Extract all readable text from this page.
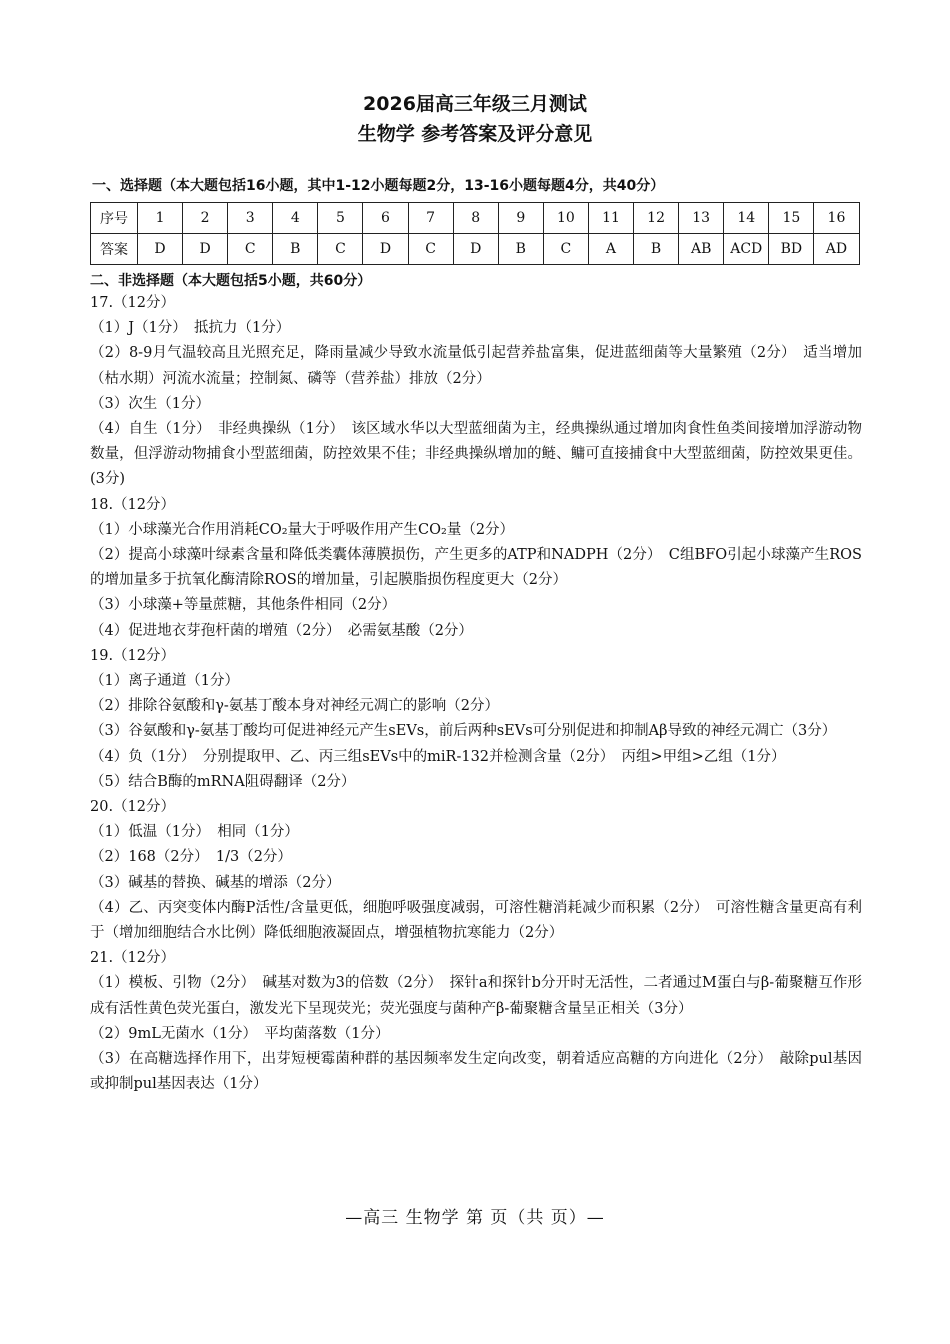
2026届高三年级三月测试
生物学 参考答案及评分意见
一、选择题（本大题包括16小题，其中1-12小题每题2分，13-16小题每题4分，共40分）
序号	1	2	3	4	5	6	7	8	9	10	11	12	13	14	15	16
答案	D	D	C	B	C	D	C	D	B	C	A	B	AB	ACD	BD	AD
二、非选择题（本大题包括5小题，共60分）
17.（12分）
（1）J（1分）　抵抗力（1分）
（2）8-9月气温较高且光照充足，降雨量减少导致水流量低引起营养盐富集，促进蓝细菌等大量繁殖（2分）　适当增加（枯水期）河流水流量；控制氮、磷等（营养盐）排放（2分）
（3）次生（1分）
（4）自生（1分）　非经典操纵（1分）　该区域水华以大型蓝细菌为主，经典操纵通过增加肉食性鱼类间接增加浮游动物数量，但浮游动物捕食小型蓝细菌，防控效果不佳；非经典操纵增加的鲢、鳙可直接捕食中大型蓝细菌，防控效果更佳。(3分)
18.（12分）
（1）小球藻光合作用消耗CO₂量大于呼吸作用产生CO₂量（2分）
（2）提高小球藻叶绿素含量和降低类囊体薄膜损伤，产生更多的ATP和NADPH（2分）　C组BFO引起小球藻产生ROS的增加量多于抗氧化酶清除ROS的增加量，引起膜脂损伤程度更大（2分）
（3）小球藻+等量蔗糖，其他条件相同（2分）
（4）促进地衣芽孢杆菌的增殖（2分）　必需氨基酸（2分）
19.（12分）
（1）离子通道（1分）
（2）排除谷氨酸和γ-氨基丁酸本身对神经元凋亡的影响（2分）
（3）谷氨酸和γ-氨基丁酸均可促进神经元产生sEVs，前后两种sEVs可分别促进和抑制Aβ导致的神经元凋亡（3分）
（4）负（1分）　分别提取甲、乙、丙三组sEVs中的miR-132并检测含量（2分）　丙组>甲组>乙组（1分）
（5）结合B酶的mRNA阻碍翻译（2分）
20.（12分）
（1）低温（1分）　相同（1分）
（2）168（2分）　1/3（2分）
（3）碱基的替换、碱基的增添（2分）
（4）乙、丙突变体内酶P活性/含量更低，细胞呼吸强度减弱，可溶性糖消耗减少而积累（2分）　可溶性糖含量更高有利于（增加细胞结合水比例）降低细胞液凝固点，增强植物抗寒能力（2分）
21.（12分）
（1）模板、引物（2分）　碱基对数为3的倍数（2分）　探针a和探针b分开时无活性，二者通过M蛋白与β-葡聚糖互作形成有活性黄色荧光蛋白，激发光下呈现荧光；荧光强度与菌种产β-葡聚糖含量呈正相关（3分）
（2）9mL无菌水（1分）　平均菌落数（1分）
（3）在高糖选择作用下，出芽短梗霉菌种群的基因频率发生定向改变，朝着适应高糖的方向进化（2分）　敲除pul基因或抑制pul基因表达（1分）
—高三 生物学 第 页（共 页）—
